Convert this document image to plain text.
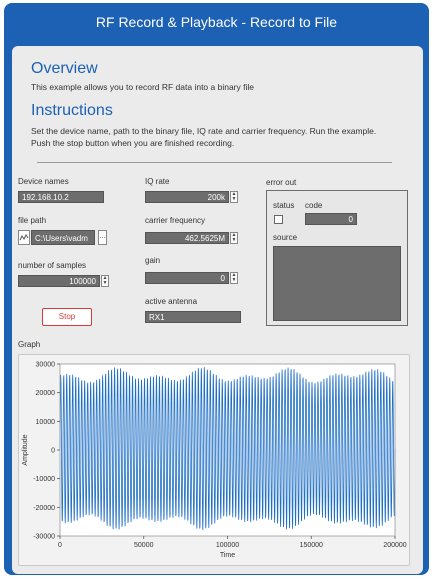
RF Record & Playback - Record to File
Overview
This example allows you to record RF data into a binary file
Instructions
Set the device name, path to the binary file, IQ rate and carrier frequency. Run the example.
Push the stop button when you are finished recording.
Device names
192.168.10.2
file path
C:\Users\vadm	…
number of samples
100000	▲
▼
Stop
IQ rate
200k	▲
▼
carrier frequency
462.5625M	▲
▼
gain
0	▲
▼
active antenna
RX1
error out
status code
0
source
Graph
30000
20000
10000
0
-10000
-20000
-30000
0	50000	100000	150000	200000
Time
Amplitude
